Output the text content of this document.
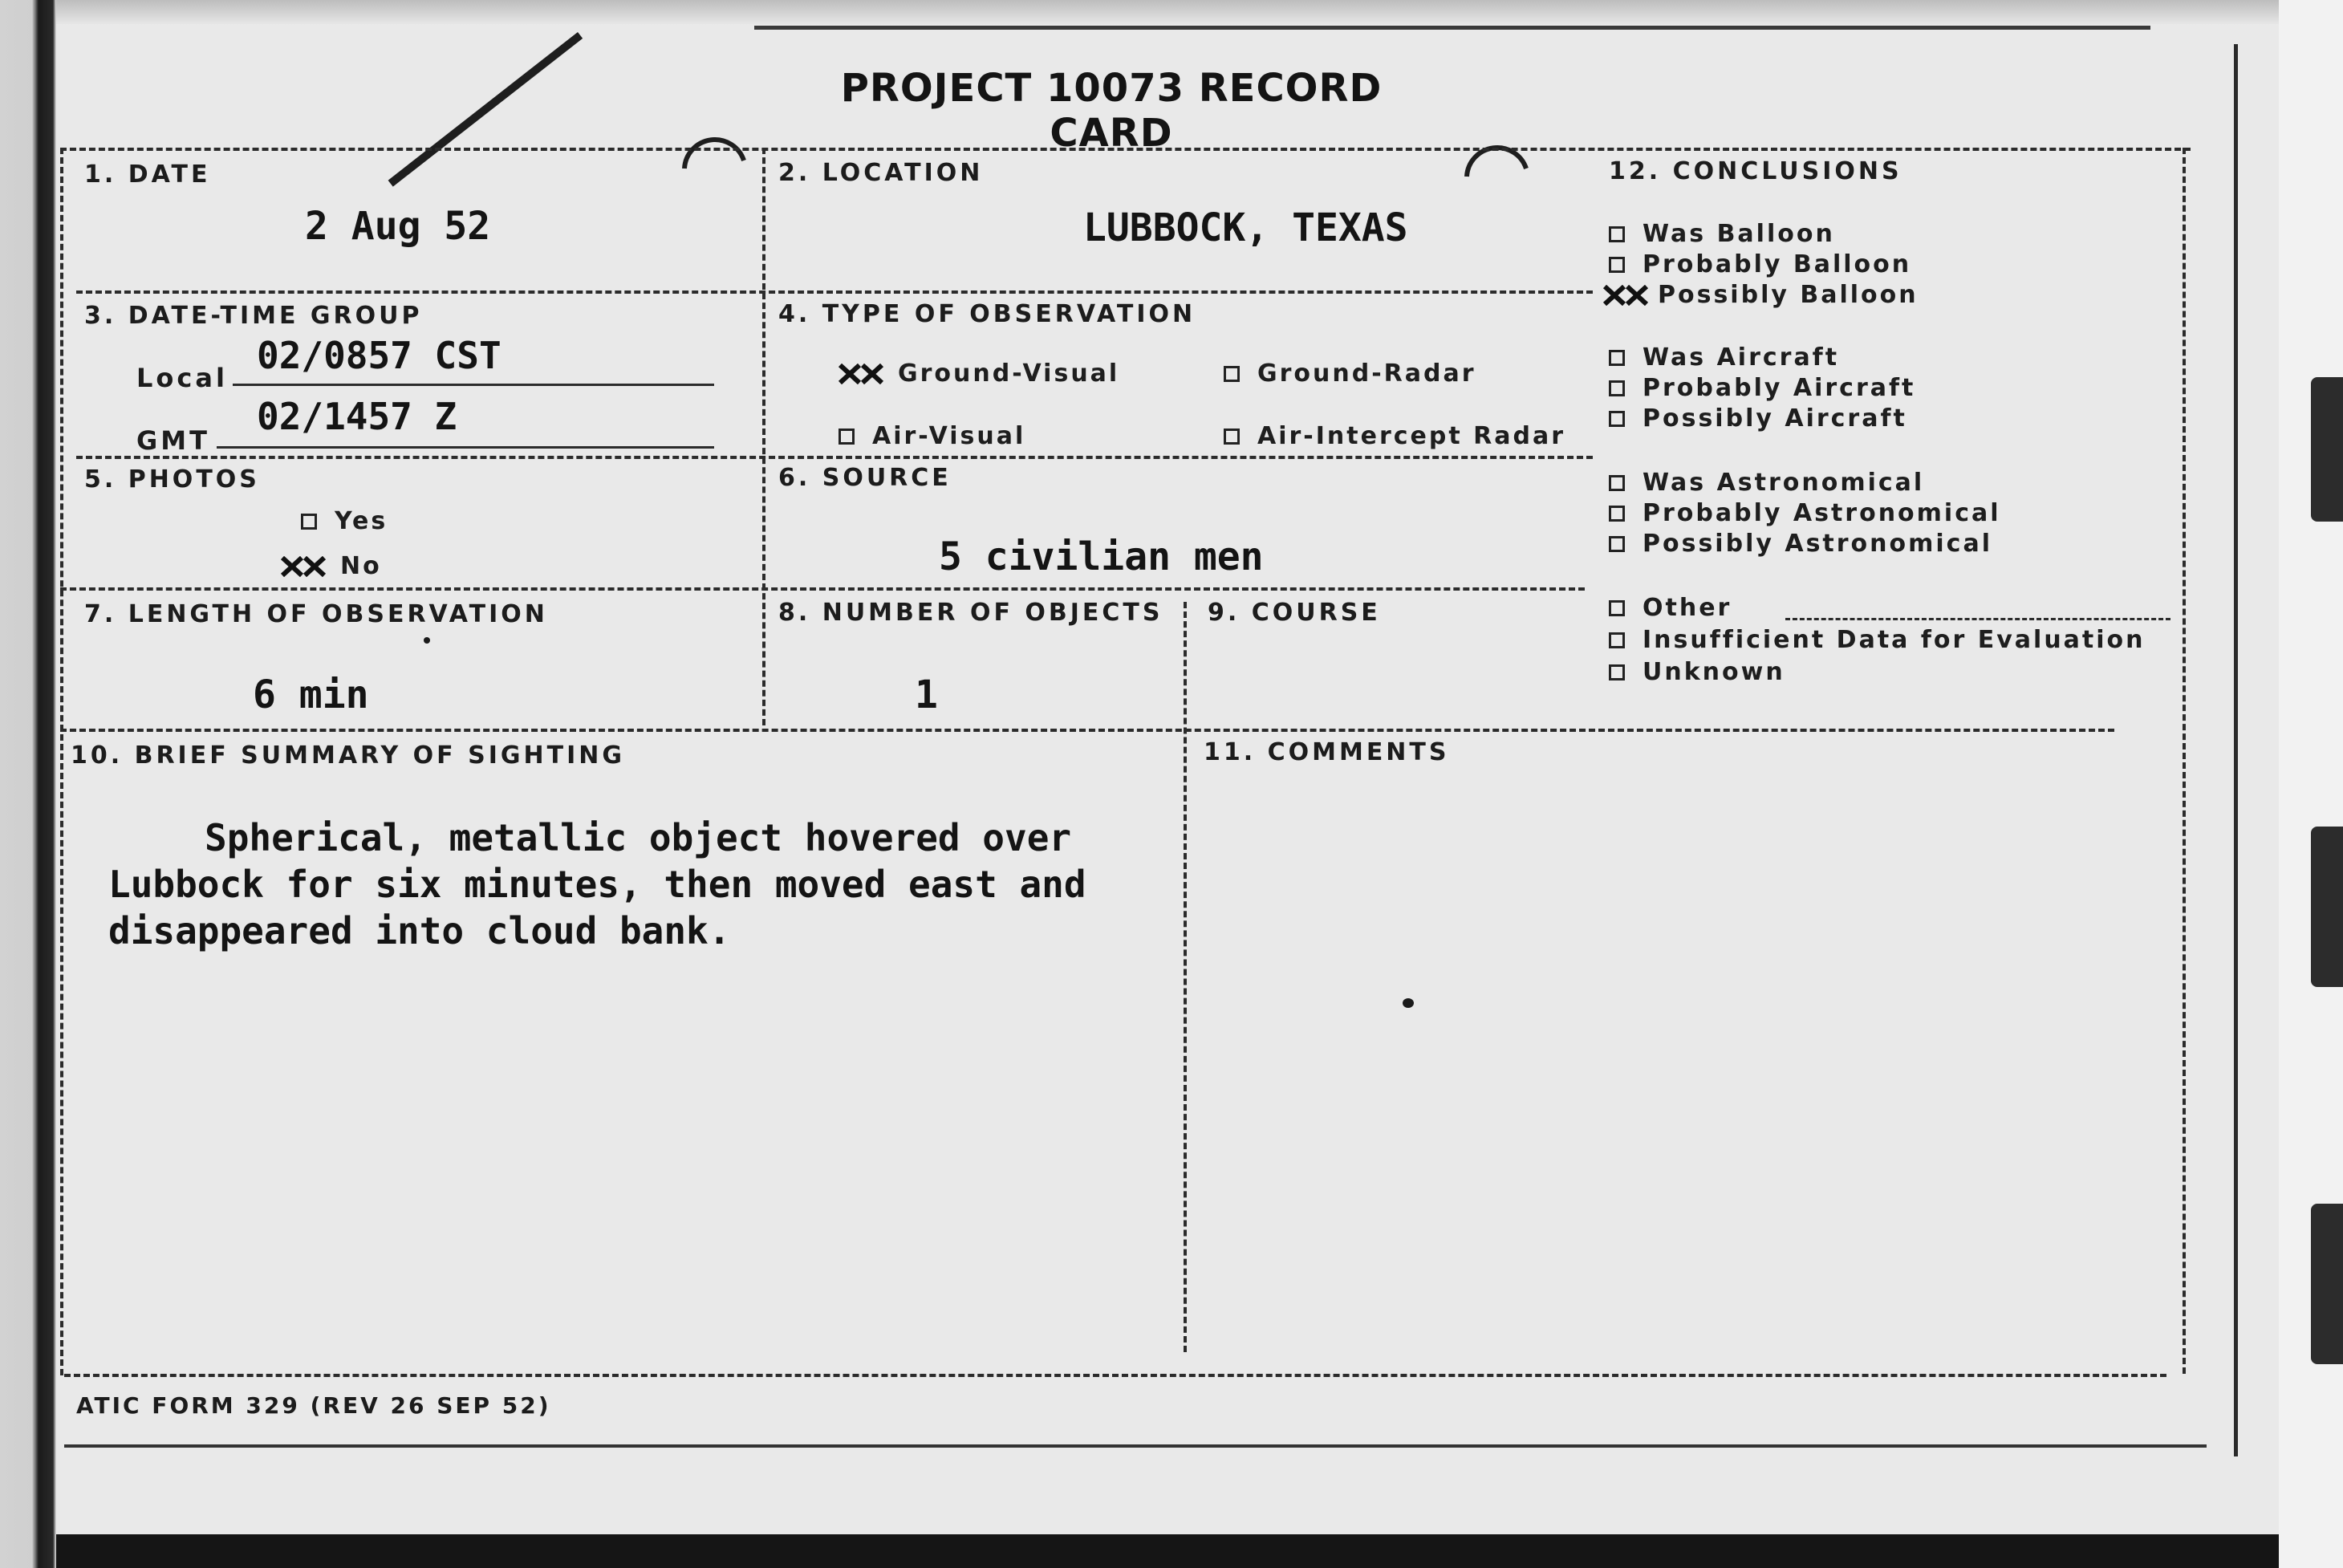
PROJECT 10073 RECORD CARD
1. DATE
2 Aug 52
2. LOCATION
LUBBOCK, TEXAS
3. DATE-TIME GROUP
Local
02/0857 CST
GMT
02/1457 Z
4. TYPE OF OBSERVATION
Ground-Visual	Ground-Radar
Air-Visual	Air-Intercept Radar
5. PHOTOS
Yes
No
6. SOURCE
5 civilian men
7. LENGTH OF OBSERVATION
6 min
8. NUMBER OF OBJECTS
1
9. COURSE
10. BRIEF SUMMARY OF SIGHTING
Spherical, metallic object hovered over
Lubbock for six minutes, then moved east and
disappeared into cloud bank.
11. COMMENTS
12. CONCLUSIONS
Was Balloon
Probably Balloon
Possibly Balloon
Was Aircraft
Probably Aircraft
Possibly Aircraft
Was Astronomical
Probably Astronomical
Possibly Astronomical
Other
Insufficient Data for Evaluation
Unknown
ATIC FORM 329 (REV 26 SEP 52)
